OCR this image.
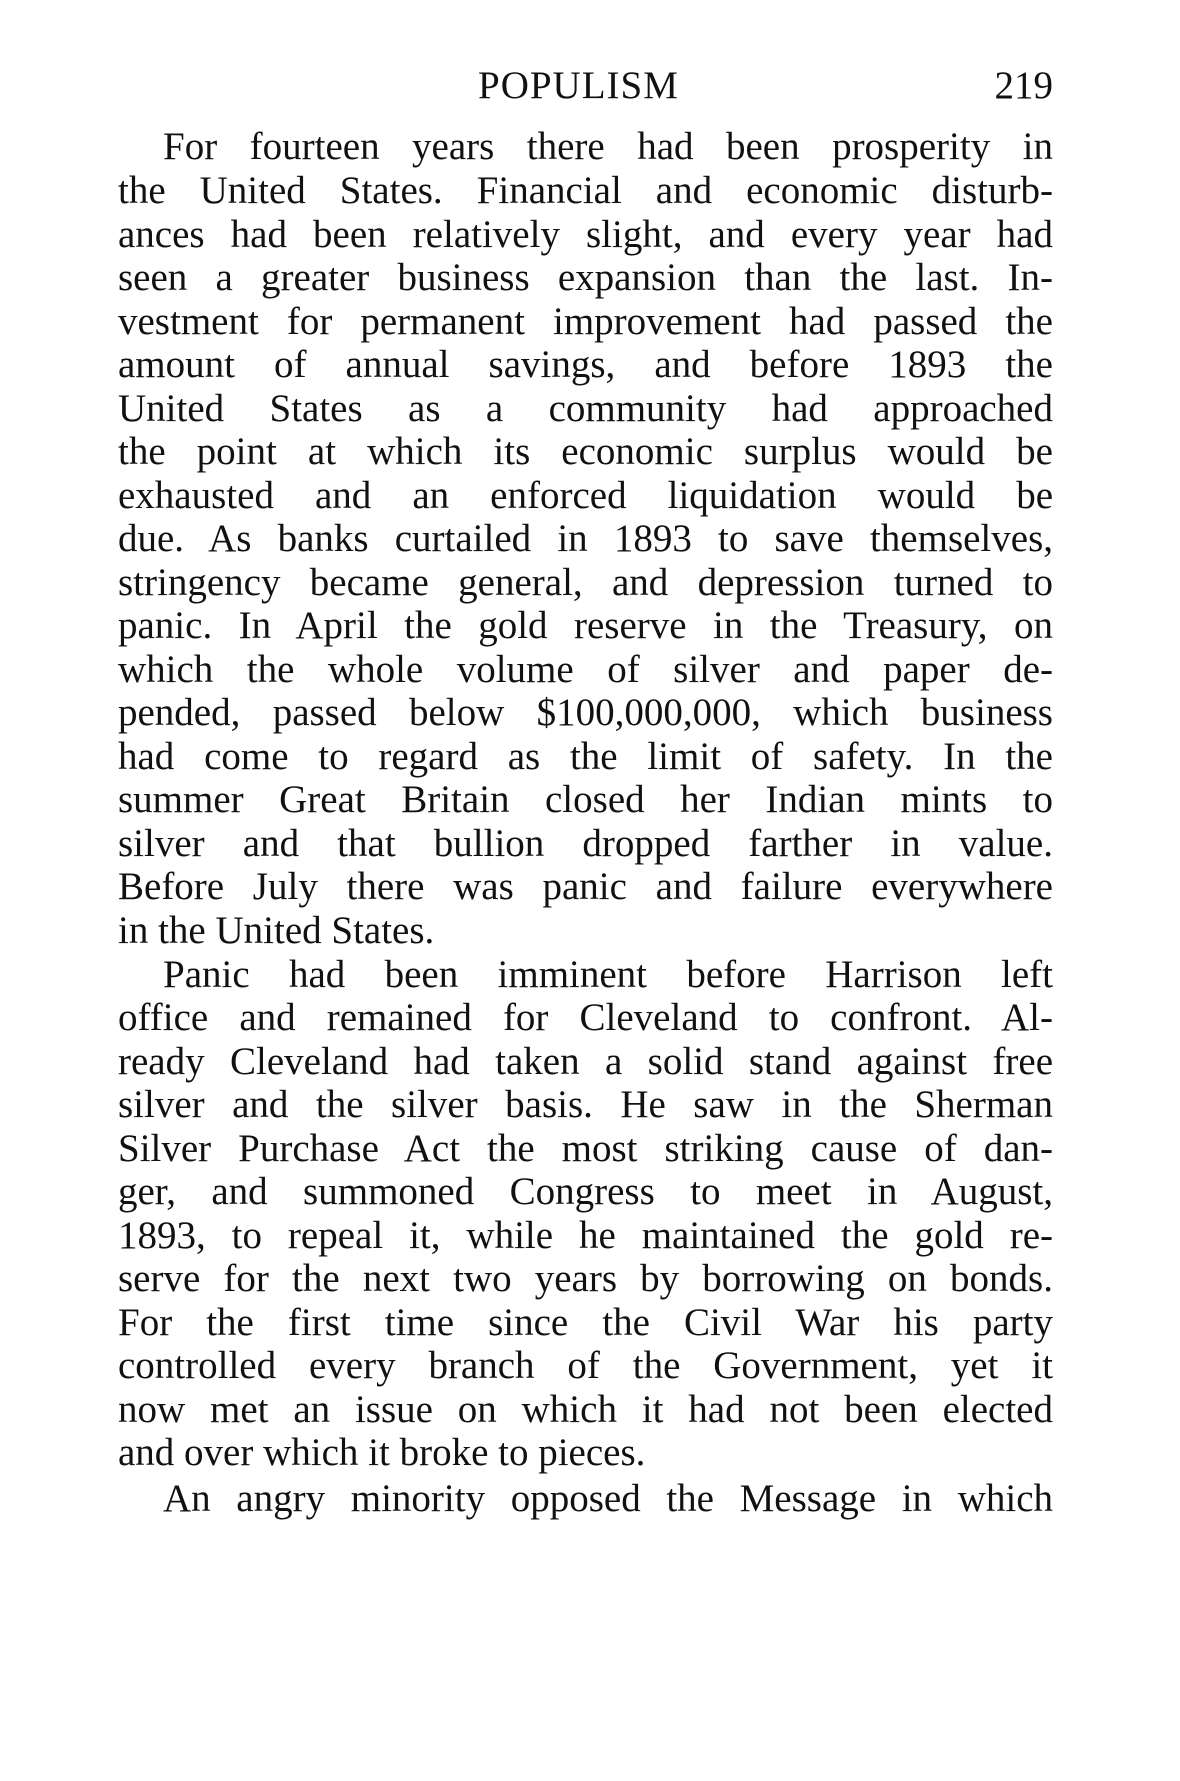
POPULISM	219
For fourteen years there had been prosperity in
the United States. Financial and economic disturb-
ances had been relatively slight, and every year had
seen a greater business expansion than the last. In-
vestment for permanent improvement had passed the
amount of annual savings, and before 1893 the
United States as a community had approached
the point at which its economic surplus would be
exhausted and an enforced liquidation would be
due. As banks curtailed in 1893 to save themselves,
stringency became general, and depression turned to
panic. In April the gold reserve in the Treasury, on
which the whole volume of silver and paper de-
pended, passed below $100,000,000, which business
had come to regard as the limit of safety. In the
summer Great Britain closed her Indian mints to
silver and that bullion dropped farther in value.
Before July there was panic and failure everywhere
in the United States.
Panic had been imminent before Harrison left
office and remained for Cleveland to confront. Al-
ready Cleveland had taken a solid stand against free
silver and the silver basis. He saw in the Sherman
Silver Purchase Act the most striking cause of dan-
ger, and summoned Congress to meet in August,
1893, to repeal it, while he maintained the gold re-
serve for the next two years by borrowing on bonds.
For the first time since the Civil War his party
controlled every branch of the Government, yet it
now met an issue on which it had not been elected
and over which it broke to pieces.
An angry minority opposed the Message in which
